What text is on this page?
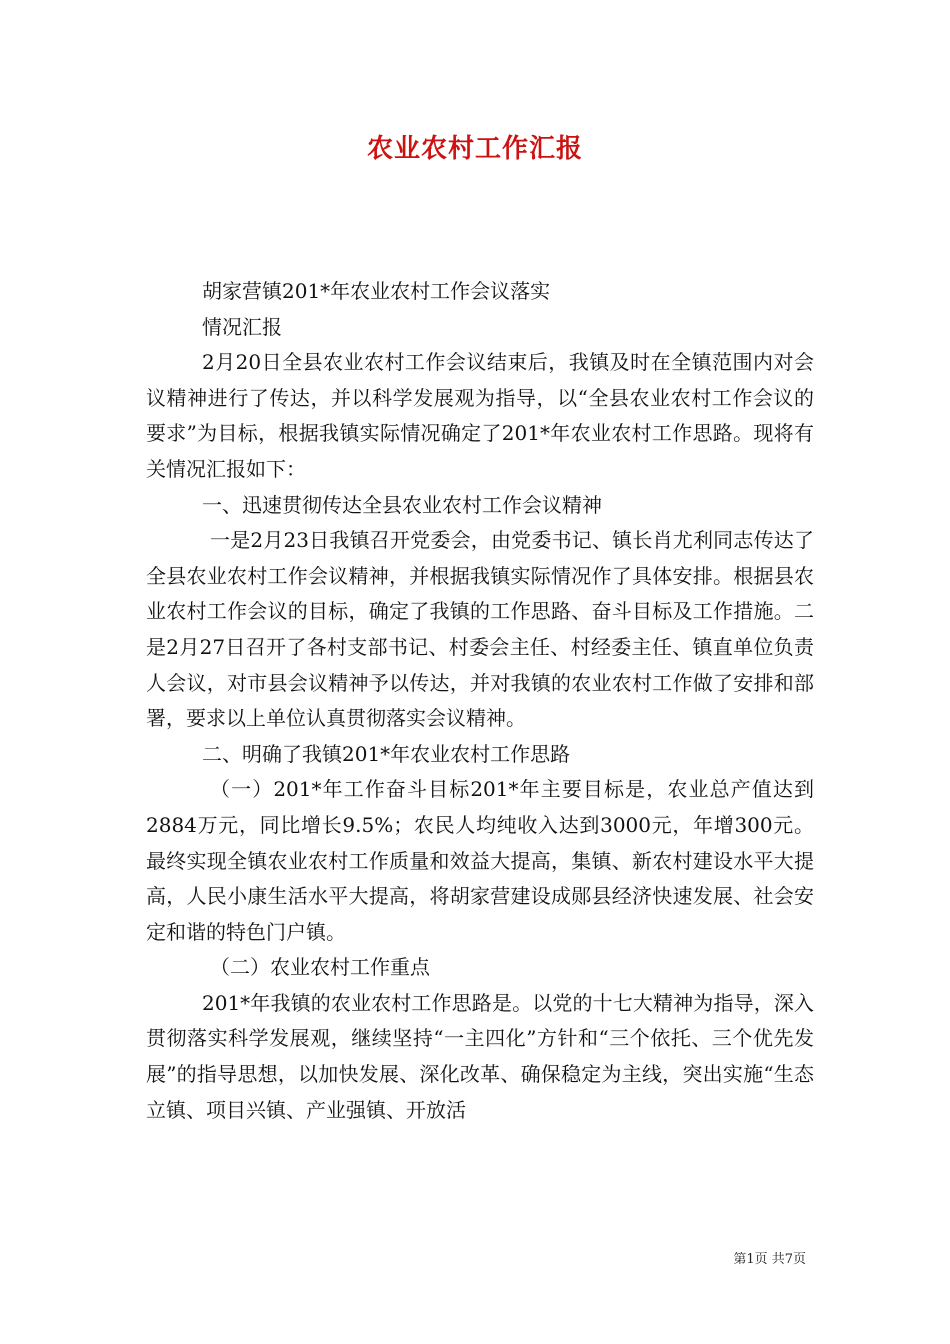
农业农村工作汇报

胡家营镇201*年农业农村工作会议落实

情况汇报

2月20日全县农业农村工作会议结束后，我镇及时在全镇范围内对会议精神进行了传达，并以科学发展观为指导，以“全县农业农村工作会议的要求”为目标，根据我镇实际情况确定了201*年农业农村工作思路。现将有关情况汇报如下：

一、迅速贯彻传达全县农业农村工作会议精神

一是2月23日我镇召开党委会，由党委书记、镇长肖尤利同志传达了全县农业农村工作会议精神，并根据我镇实际情况作了具体安排。根据县农业农村工作会议的目标，确定了我镇的工作思路、奋斗目标及工作措施。二是2月27日召开了各村支部书记、村委会主任、村经委主任、镇直单位负责人会议，对市县会议精神予以传达，并对我镇的农业农村工作做了安排和部署，要求以上单位认真贯彻落实会议精神。

二、明确了我镇201*年农业农村工作思路

（一）201*年工作奋斗目标201*年主要目标是，农业总产值达到2884万元，同比增长9.5%；农民人均纯收入达到3000元，年增300元。最终实现全镇农业农村工作质量和效益大提高，集镇、新农村建设水平大提高，人民小康生活水平大提高，将胡家营建设成郧县经济快速发展、社会安定和谐的特色门户镇。

（二）农业农村工作重点

201*年我镇的农业农村工作思路是。以党的十七大精神为指导，深入贯彻落实科学发展观，继续坚持“一主四化”方针和“三个依托、三个优先发展”的指导思想，以加快发展、深化改革、确保稳定为主线，突出实施“生态立镇、项目兴镇、产业强镇、开放活

第1页 共7页
